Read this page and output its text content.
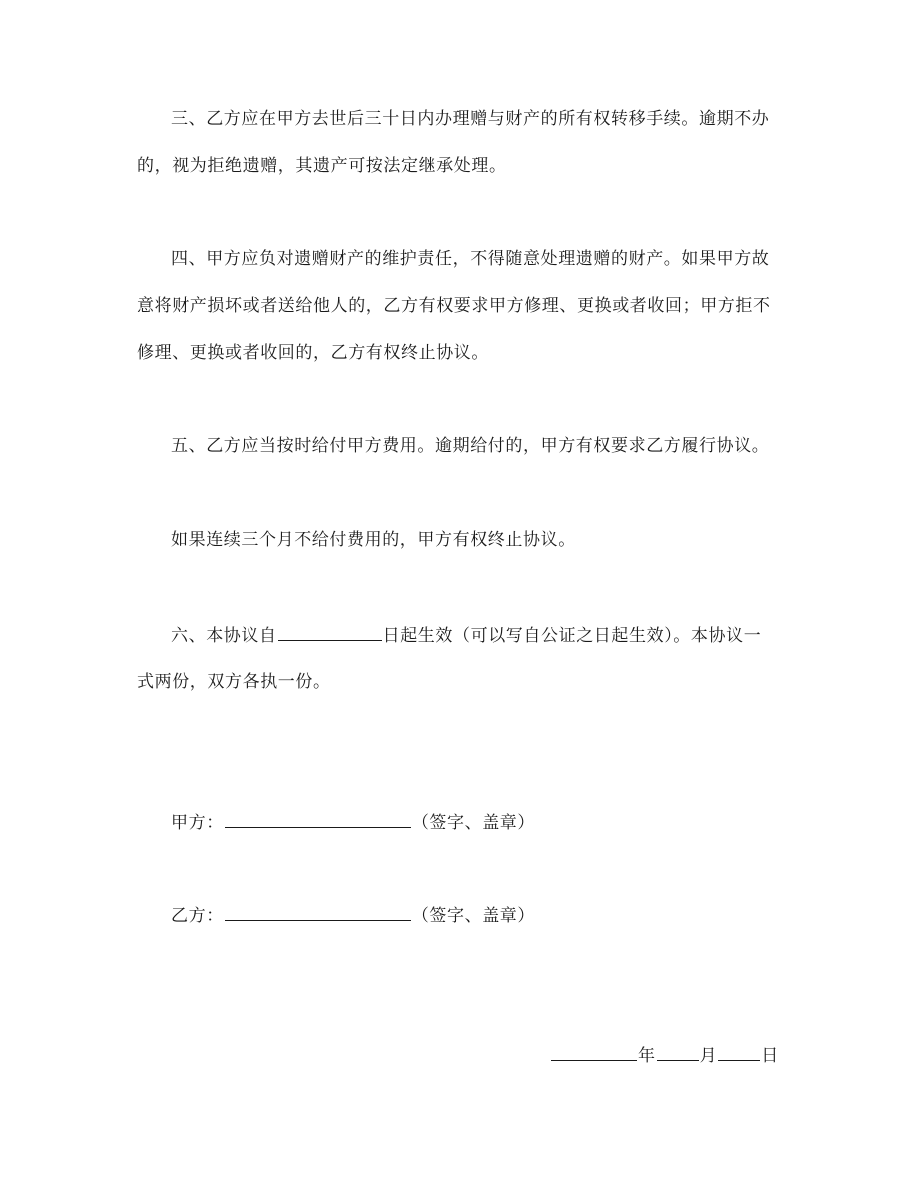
三、乙方应在甲方去世后三十日内办理赠与财产的所有权转移手续。逾期不办
的，视为拒绝遗赠，其遗产可按法定继承处理。
四、甲方应负对遗赠财产的维护责任，不得随意处理遗赠的财产。如果甲方故
意将财产损坏或者送给他人的，乙方有权要求甲方修理、更换或者收回；甲方拒不
修理、更换或者收回的，乙方有权终止协议。
五、乙方应当按时给付甲方费用。逾期给付的，甲方有权要求乙方履行协议。
如果连续三个月不给付费用的，甲方有权终止协议。
六、本协议自	日起生效（可以写自公证之日起生效）。本协议一
式两份，双方各执一份。
甲方：	（签字、盖章）
乙方：	（签字、盖章）
年	月	日
